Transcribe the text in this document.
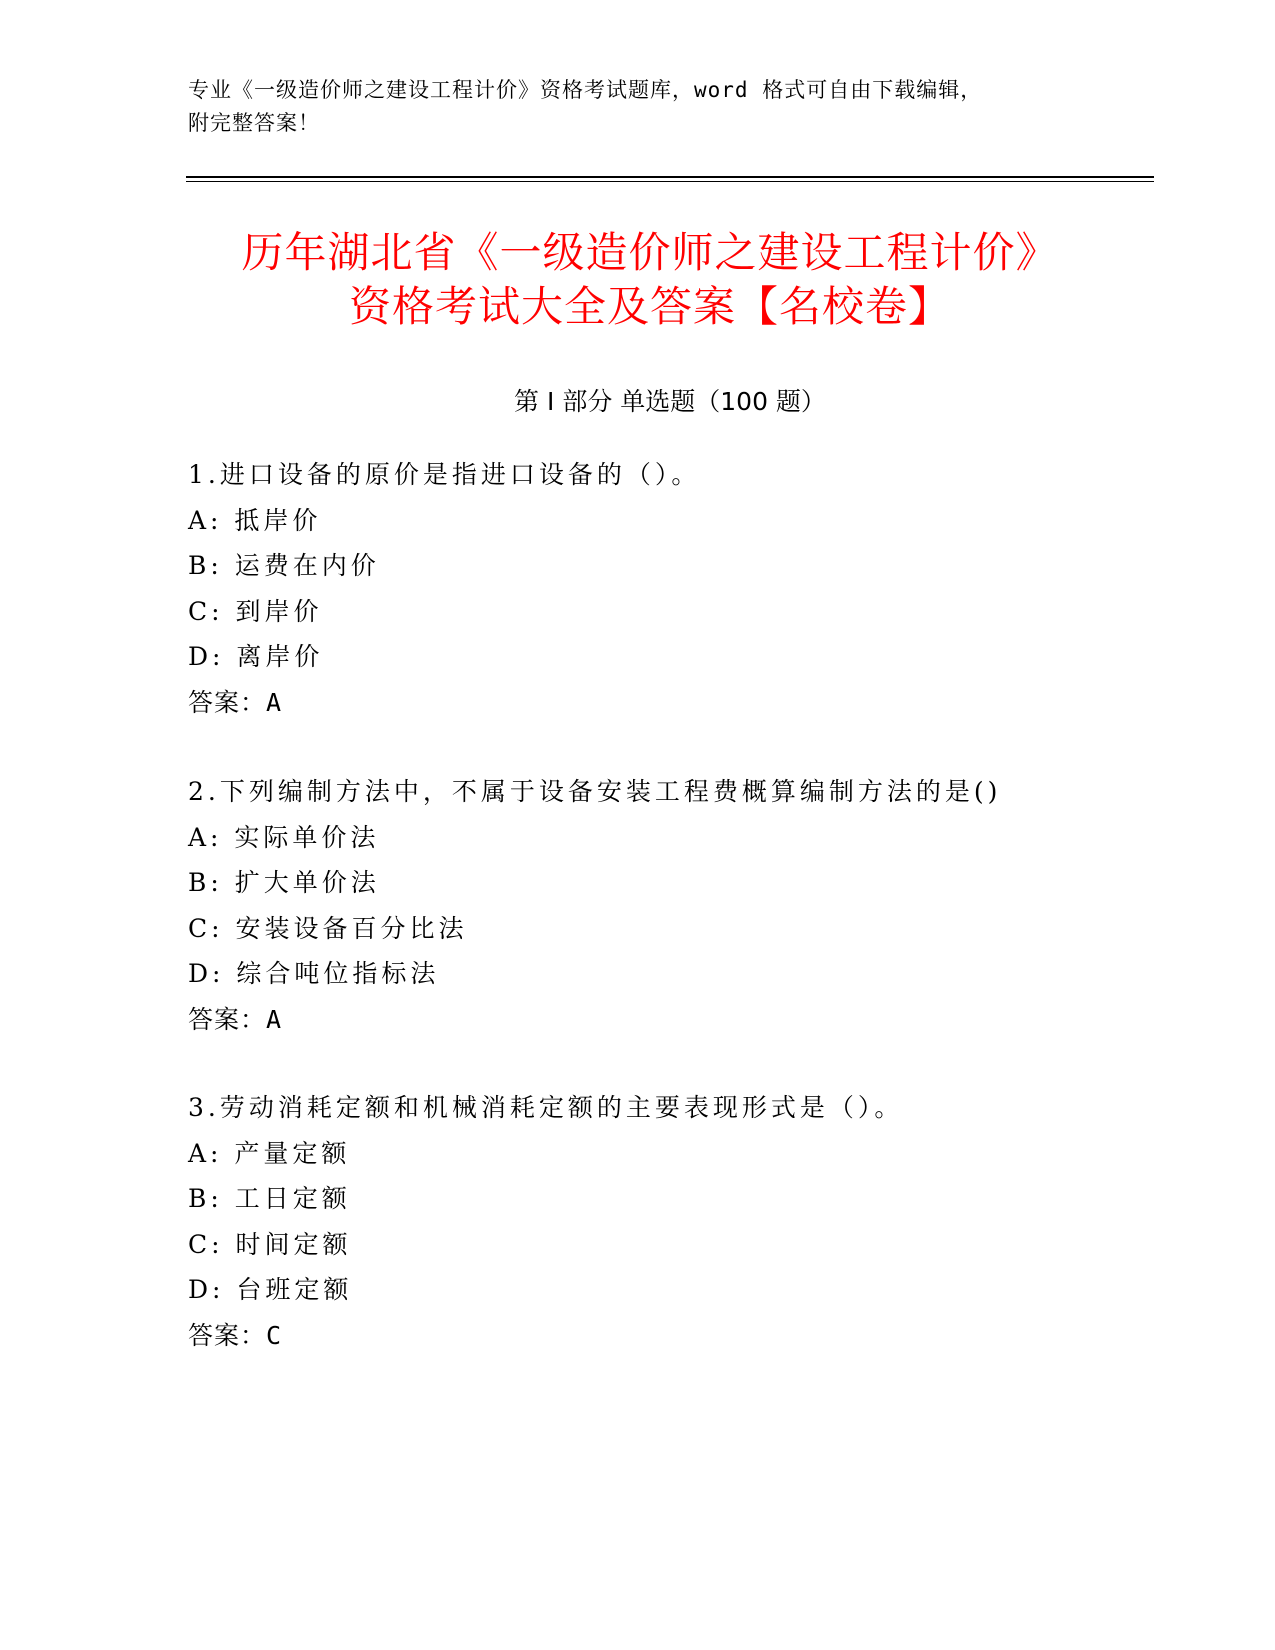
专业《一级造价师之建设工程计价》资格考试题库，word 格式可自由下载编辑，
附完整答案！
历年湖北省《一级造价师之建设工程计价》
资格考试大全及答案【名校卷】
第 I 部分 单选题（100 题）
1.进口设备的原价是指进口设备的（）。
A: 抵岸价
B: 运费在内价
C: 到岸价
D: 离岸价
答案：A
2.下列编制方法中，不属于设备安装工程费概算编制方法的是()
A: 实际单价法
B: 扩大单价法
C: 安装设备百分比法
D: 综合吨位指标法
答案：A
3.劳动消耗定额和机械消耗定额的主要表现形式是（）。
A: 产量定额
B: 工日定额
C: 时间定额
D: 台班定额
答案：C
